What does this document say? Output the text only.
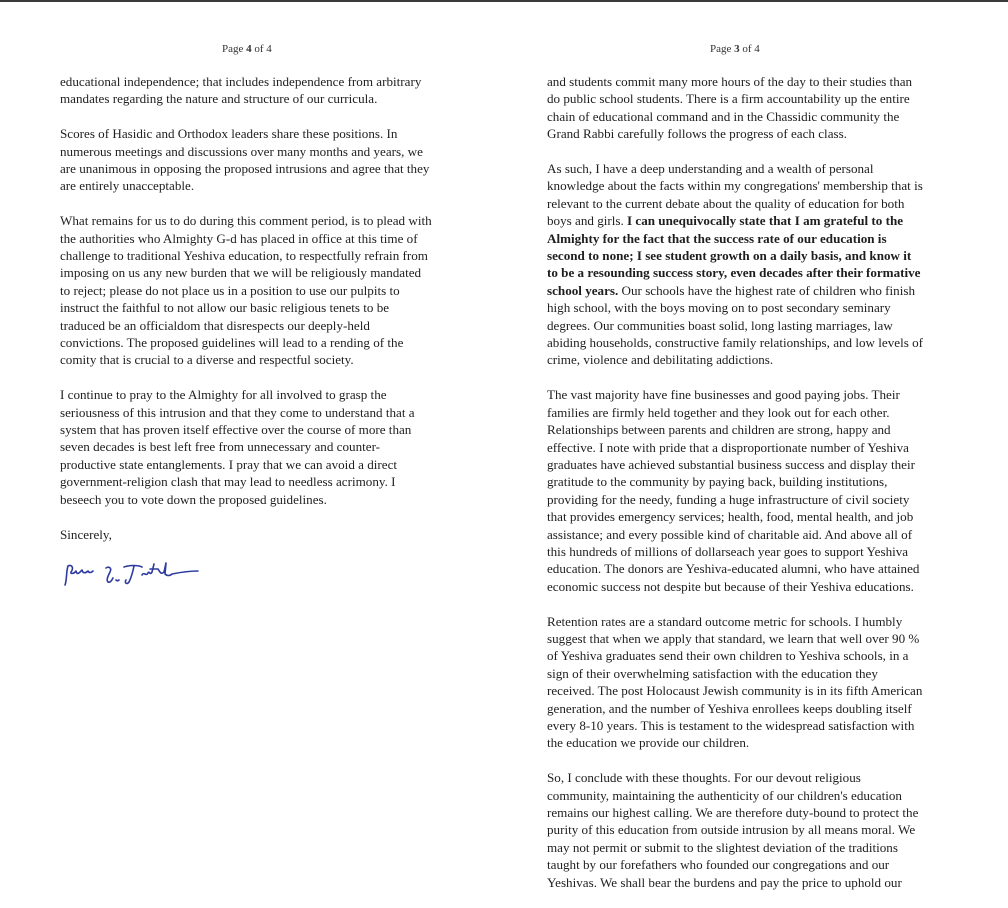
Page 4 of 4

educational independence; that includes independence from arbitrary mandates regarding the nature and structure of our curricula.

Scores of Hasidic and Orthodox leaders share these positions. In numerous meetings and discussions over many months and years, we are unanimous in opposing the proposed intrusions and agree that they are entirely unacceptable.

What remains for us to do during this comment period, is to plead with the authorities who Almighty G-d has placed in office at this time of challenge to traditional Yeshiva education, to respectfully refrain from imposing on us any new burden that we will be religiously mandated to reject; please do not place us in a position to use our pulpits to instruct the faithful to not allow our basic religious tenets to be traduced be an officialdom that disrespects our deeply-held convictions. The proposed guidelines will lead to a rending of the comity that is crucial to a diverse and respectful society.

I continue to pray to the Almighty for all involved to grasp the seriousness of this intrusion and that they come to understand that a system that has proven itself effective over the course of more than seven decades is best left free from unnecessary and counter-productive state entanglements. I pray that we can avoid a direct government-religion clash that may lead to needless acrimony. I beseech you to vote down the proposed guidelines.

Sincerely,

Page 3 of 4

and students commit many more hours of the day to their studies than do public school students. There is a firm accountability up the entire chain of educational command and in the Chassidic community the Grand Rabbi carefully follows the progress of each class.

As such, I have a deep understanding and a wealth of personal knowledge about the facts within my congregations' membership that is relevant to the current debate about the quality of education for both boys and girls. I can unequivocally state that I am grateful to the Almighty for the fact that the success rate of our education is second to none; I see student growth on a daily basis, and know it to be a resounding success story, even decades after their formative school years. Our schools have the highest rate of children who finish high school, with the boys moving on to post secondary seminary degrees. Our communities boast solid, long lasting marriages, law abiding households, constructive family relationships, and low levels of crime, violence and debilitating addictions.

The vast majority have fine businesses and good paying jobs. Their families are firmly held together and they look out for each other. Relationships between parents and children are strong, happy and effective. I note with pride that a disproportionate number of Yeshiva graduates have achieved substantial business success and display their gratitude to the community by paying back, building institutions, providing for the needy, funding a huge infrastructure of civil society that provides emergency services; health, food, mental health, and job assistance; and every possible kind of charitable aid. And above all of this hundreds of millions of dollarseach year goes to support Yeshiva education. The donors are Yeshiva-educated alumni, who have attained economic success not despite but because of their Yeshiva educations.

Retention rates are a standard outcome metric for schools. I humbly suggest that when we apply that standard, we learn that well over 90 % of Yeshiva graduates send their own children to Yeshiva schools, in a sign of their overwhelming satisfaction with the education they received. The post Holocaust Jewish community is in its fifth American generation, and the number of Yeshiva enrollees keeps doubling itself every 8-10 years. This is testament to the widespread satisfaction with the education we provide our children.

So, I conclude with these thoughts. For our devout religious community, maintaining the authenticity of our children's education remains our highest calling. We are therefore duty-bound to protect the purity of this education from outside intrusion by all means moral. We may not permit or submit to the slightest deviation of the traditions taught by our forefathers who founded our congregations and our Yeshivas. We shall bear the burdens and pay the price to uphold our
